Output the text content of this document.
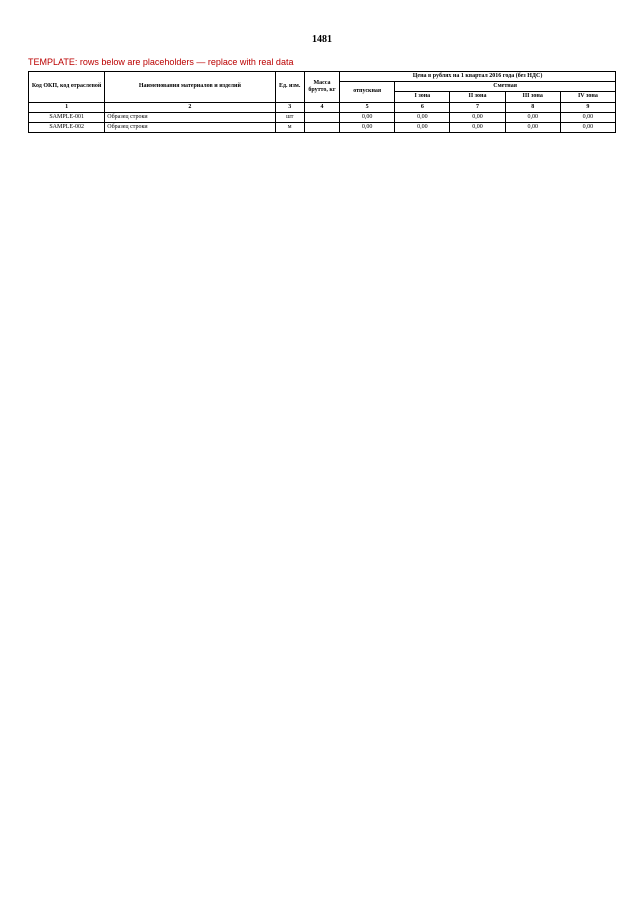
1481
TEMPLATE: rows below are placeholders — replace with real data
Код ОКП, код отраслевой	Наименования материалов и изделий	Ед. изм.	Масса брутто, кг	Цена в рублях на 1 квартал 2016 года (без НДС)				
				отпускная	Сметная			
					I зона	II зона	III зона	IV зона
1	2	3	4	5	6	7	8	9
SAMPLE-001	Образец строки	шт		0,00	0,00	0,00	0,00	0,00
SAMPLE-002	Образец строки	м		0,00	0,00	0,00	0,00	0,00
